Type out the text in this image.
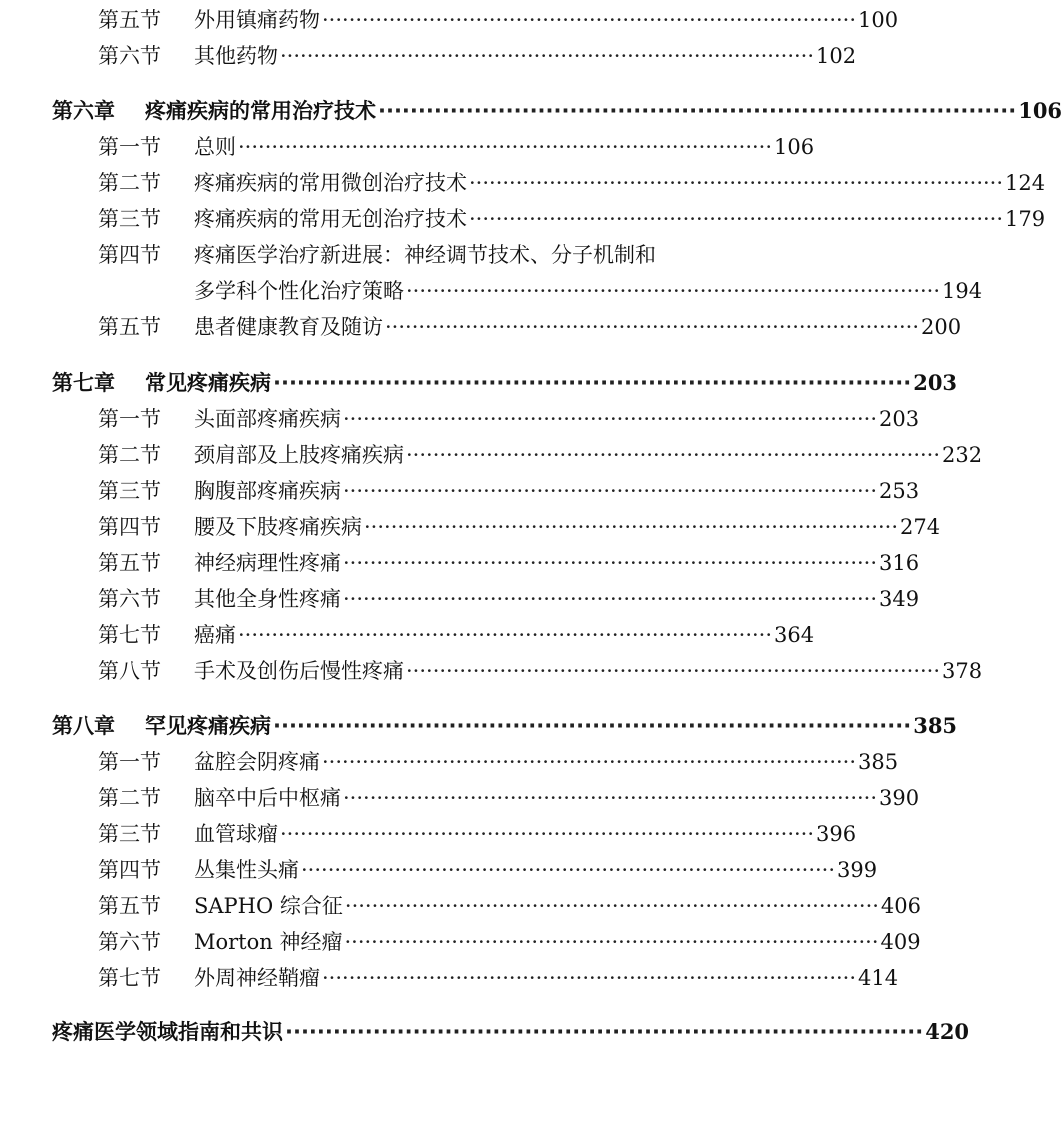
第五节 外用镇痛药物 ················································································ 100
第六节 其他药物 ················································································ 102
第六章 疼痛疾病的常用治疗技术 ················································································ 106
第一节 总则 ················································································ 106
第二节 疼痛疾病的常用微创治疗技术 ················································································ 124
第三节 疼痛疾病的常用无创治疗技术 ················································································ 179
第四节 疼痛医学治疗新进展：神经调节技术、分子机制和
多学科个性化治疗策略 ················································································ 194
第五节 患者健康教育及随访 ················································································ 200
第七章 常见疼痛疾病 ················································································ 203
第一节 头面部疼痛疾病 ················································································ 203
第二节 颈肩部及上肢疼痛疾病 ················································································ 232
第三节 胸腹部疼痛疾病 ················································································ 253
第四节 腰及下肢疼痛疾病 ················································································ 274
第五节 神经病理性疼痛 ················································································ 316
第六节 其他全身性疼痛 ················································································ 349
第七节 癌痛 ················································································ 364
第八节 手术及创伤后慢性疼痛 ················································································ 378
第八章 罕见疼痛疾病 ················································································ 385
第一节 盆腔会阴疼痛 ················································································ 385
第二节 脑卒中后中枢痛 ················································································ 390
第三节 血管球瘤 ················································································ 396
第四节 丛集性头痛 ················································································ 399
第五节 SAPHO 综合征 ················································································ 406
第六节 Morton 神经瘤 ················································································ 409
第七节 外周神经鞘瘤 ················································································ 414
疼痛医学领域指南和共识 ················································································ 420
